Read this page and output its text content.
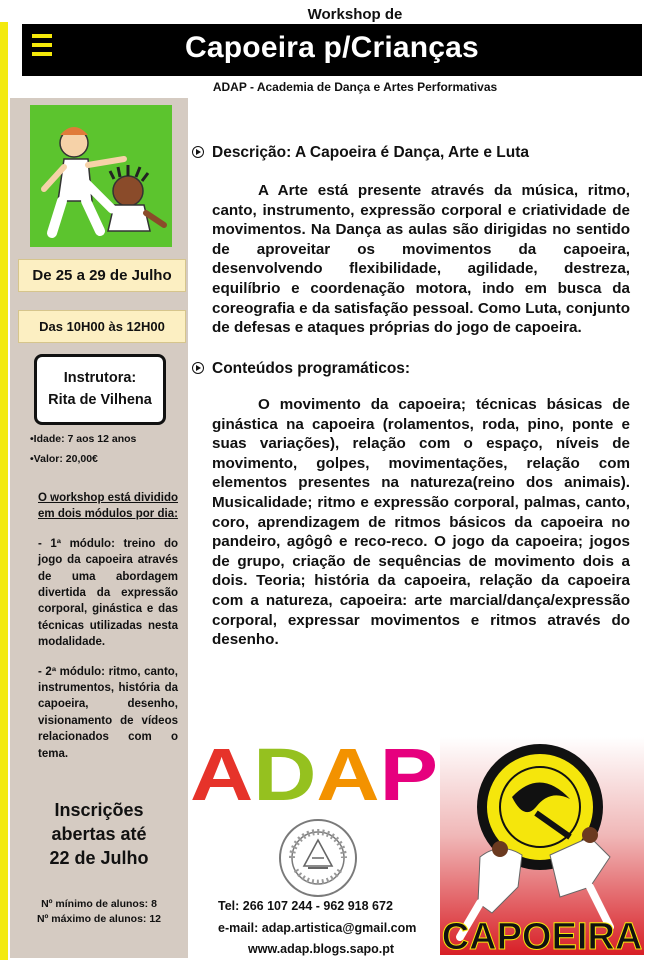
Workshop de
Capoeira p/Crianças
ADAP - Academia de Dança e Artes Performativas
De 25 a 29 de Julho
Das 10H00 às 12H00
Instrutora:
Rita de Vilhena
•Idade: 7 aos 12 anos
•Valor: 20,00€

O workshop está dividido em dois módulos por dia:

- 1ª módulo: treino do jogo da capoeira através de uma abordagem divertida da expressão corporal, ginástica e das técnicas utilizadas nesta modalidade.

- 2ª módulo: ritmo, canto, instrumentos, história da capoeira, desenho, visionamento de vídeos relacionados com o tema.

Inscrições
abertas até
22 de Julho
Nº mínimo de alunos: 8
Nº máximo de alunos: 12
Descrição: A Capoeira é Dança, Arte e Luta

A Arte está presente através da música, ritmo, canto, instrumento, expressão corporal e criatividade de movimentos. Na Dança as aulas são dirigidas no sentido de aproveitar os movimentos da capoeira, desenvolvendo flexibilidade, agilidade, destreza, equilíbrio e coordenação motora, indo em busca da coreografia e da satisfação pessoal. Como Luta, conjunto de defesas e ataques próprias do jogo de capoeira.

Conteúdos programáticos:

O movimento da capoeira; técnicas básicas de ginástica na capoeira (rolamentos, roda, pino, ponte e suas variações), relação com o espaço, níveis de movimento, golpes, movimentações, relação com elementos presentes na natureza(reino dos animais). Musicalidade; ritmo e expressão corporal, palmas, canto, coro, aprendizagem de ritmos básicos da capoeira no pandeiro, agôgô e reco-reco. O jogo da capoeira; jogos de grupo, criação de sequências de movimento dois a dois. Teoria; história da capoeira, relação da capoeira com a natureza, capoeira: arte marcial/dança/expressão corporal, expressar movimentos e ritmos através do desenho.

A D A P
Tel: 266 107 244 - 962 918 672
e-mail: adap.artistica@gmail.com
www.adap.blogs.sapo.pt CAPOEIRA
